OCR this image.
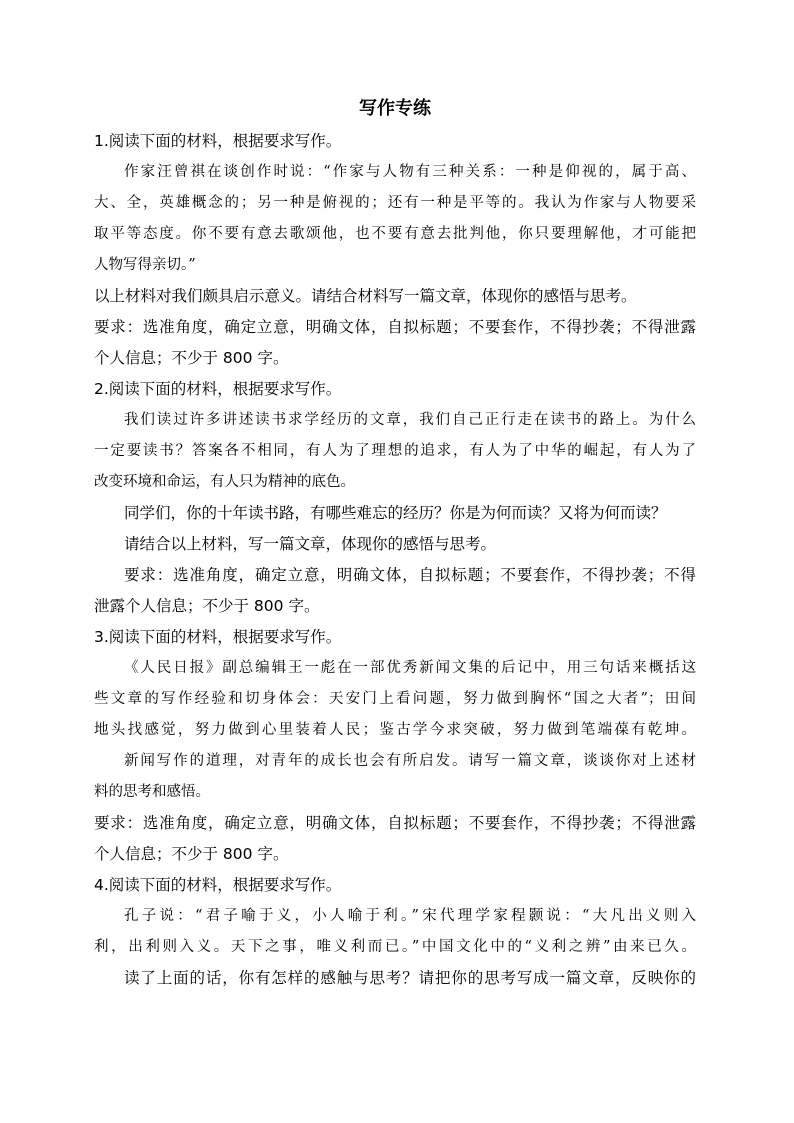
写作专练
1.阅读下面的材料，根据要求写作。
作家汪曾祺在谈创作时说：“作家与人物有三种关系：一种是仰视的，属于高、
大、全，英雄概念的；另一种是俯视的；还有一种是平等的。我认为作家与人物要采
取平等态度。你不要有意去歌颂他，也不要有意去批判他，你只要理解他，才可能把
人物写得亲切。”
以上材料对我们颇具启示意义。请结合材料写一篇文章，体现你的感悟与思考。
要求：选准角度，确定立意，明确文体，自拟标题；不要套作，不得抄袭；不得泄露
个人信息；不少于 800 字。
2.阅读下面的材料，根据要求写作。
我们读过许多讲述读书求学经历的文章，我们自己正行走在读书的路上。为什么
一定要读书？答案各不相同，有人为了理想的追求，有人为了中华的崛起，有人为了
改变环境和命运，有人只为精神的底色。
同学们，你的十年读书路，有哪些难忘的经历？你是为何而读？又将为何而读？
请结合以上材料，写一篇文章，体现你的感悟与思考。
要求：选准角度，确定立意，明确文体，自拟标题；不要套作，不得抄袭；不得
泄露个人信息；不少于 800 字。
3.阅读下面的材料，根据要求写作。
《人民日报》副总编辑王一彪在一部优秀新闻文集的后记中，用三句话来概括这
些文章的写作经验和切身体会：天安门上看问题，努力做到胸怀“国之大者”；田间
地头找感觉，努力做到心里装着人民；鉴古学今求突破，努力做到笔端葆有乾坤。
新闻写作的道理，对青年的成长也会有所启发。请写一篇文章，谈谈你对上述材
料的思考和感悟。
要求：选准角度，确定立意，明确文体，自拟标题；不要套作，不得抄袭；不得泄露
个人信息；不少于 800 字。
4.阅读下面的材料，根据要求写作。
孔子说：“君子喻于义，小人喻于利。”宋代理学家程颢说：“大凡出义则入
利，出利则入义。天下之事，唯义利而已。”中国文化中的“义利之辨”由来已久。
读了上面的话，你有怎样的感触与思考？请把你的思考写成一篇文章，反映你的
